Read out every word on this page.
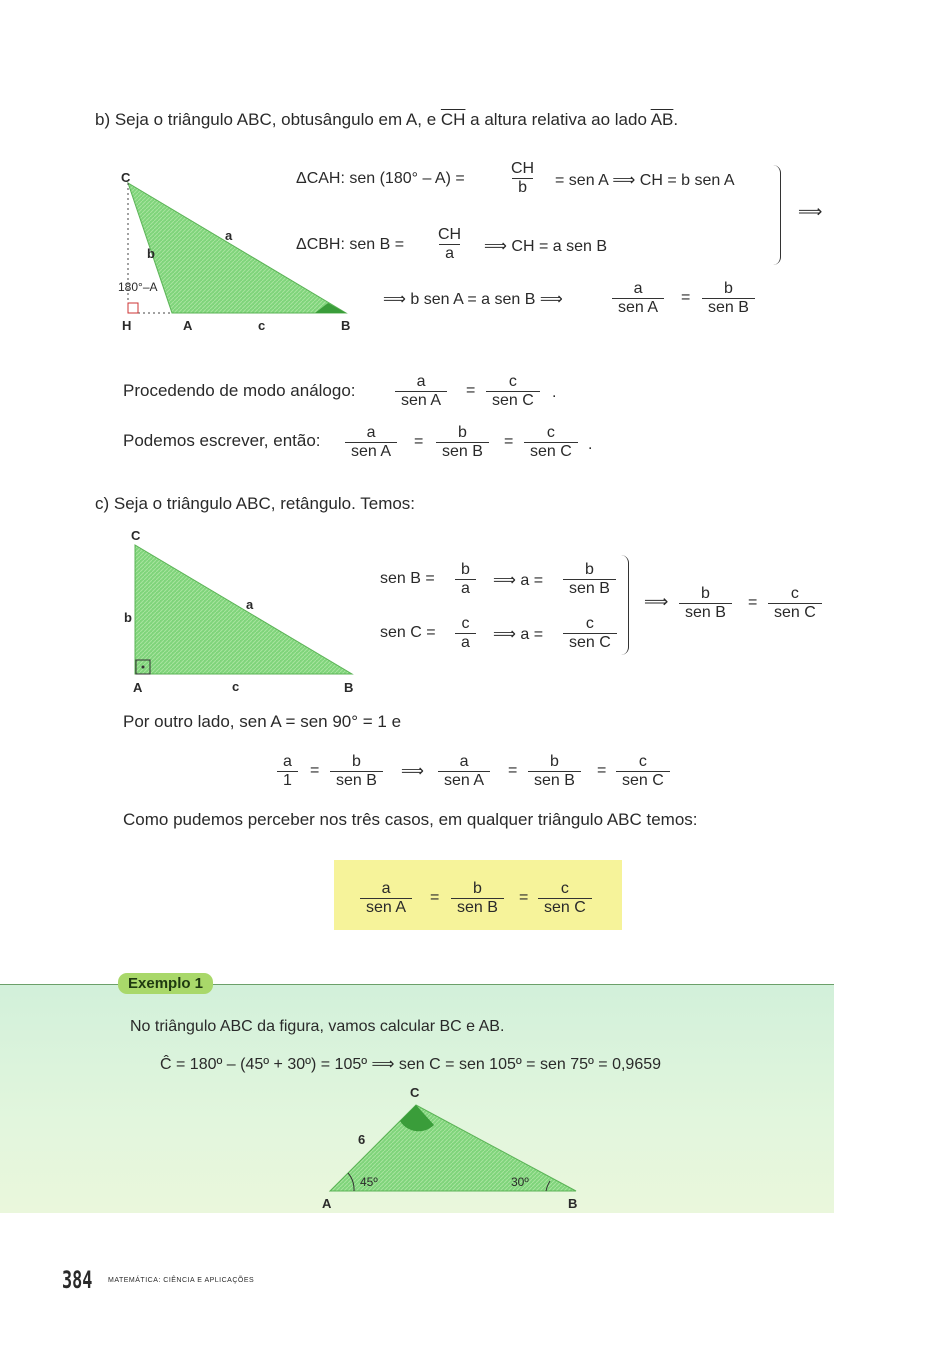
b) Seja o triângulo ABC, obtusângulo em A, e $\overline{CH}$ a altura relativa ao lado $\overline{AB}$.
C
a
b
180°–A
H	A	c	B
ΔCAH: sen (180° – A) =	$\frac{CH}{b}$ = sen A ⟹ CH = b sen A
ΔCBH: sen $B = \frac{CH}{a}$ ⟹ CH = a sen B
⟹
⟹ b sen A = a sen B ⟹
a
sen A
=
b
sen B
Procedendo de modo análogo:	a
sen A
=
c
sen C	.
Podemos escrever, então:	a
sen A
=
b
sen B
=
c
sen C	.
c) Seja o triângulo ABC, retângulo. Temos:
C
a
b
A	c	B
sen $B = \frac{b}{a}$ ⟹ a =
b
sen B
sen $C = \frac{c}{a}$ ⟹ a =
c
sen C
⟹	b
sen B
=
c
sen C
Por outro lado, sen A = sen 90° = 1 e
$\frac{a}{1}$ =
b
sen B
⟹
a
sen A
=
b
sen B
=
c
sen C
Como pudemos perceber nos três casos, em qualquer triângulo ABC temos:
a
sen A
=
b
sen B
=
c
sen C
Exemplo 1
No triângulo ABC da figura, vamos calcular BC e AB.
Ĉ = 180º – (45º + 30º) = 105º ⟹ sen C = sen 105º = sen 75º = 0,9659
C
6
45º	30º
A	B
384 MATEMÁTICA: CIÊNCIA E APLICAÇÕES
